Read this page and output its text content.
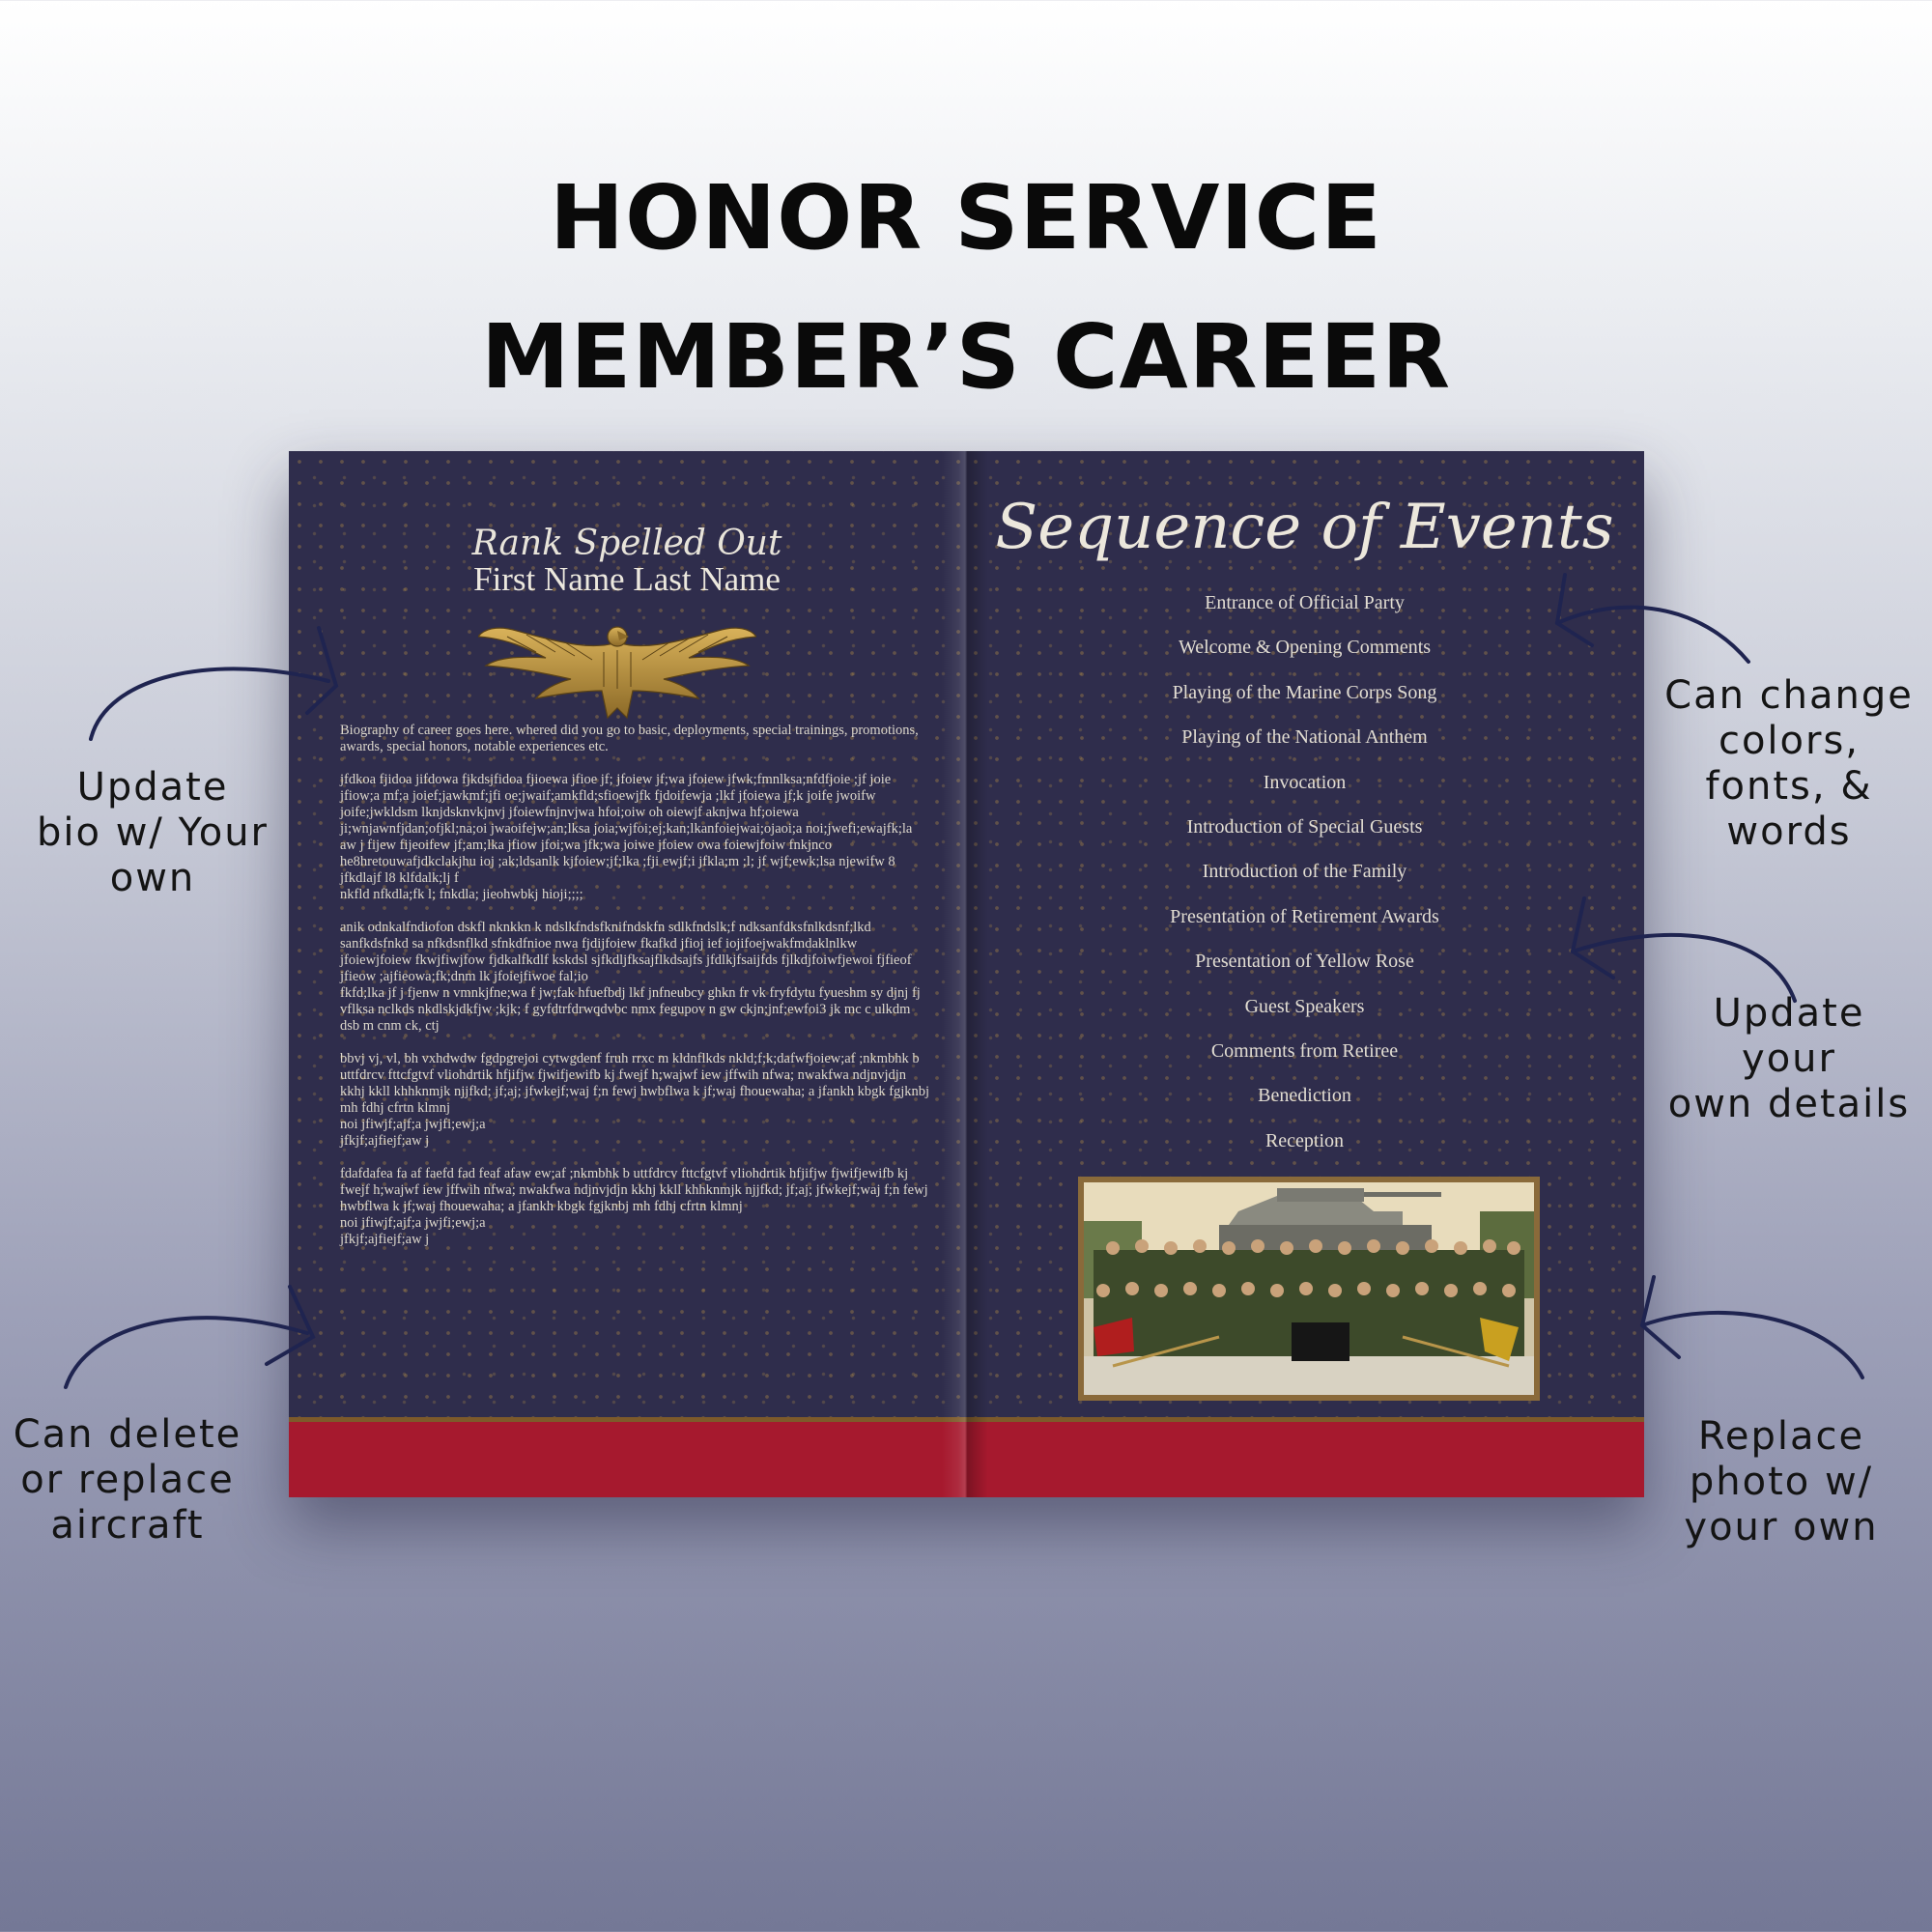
HONOR SERVICE
MEMBER’S CAREER
Rank Spelled Out
First Name Last Name

Biography of career goes here. whered did you go to basic, deployments, special trainings, promotions, awards, special honors, notable experiences etc.

jfdkoa fjidoa jifdowa fjkdsjfidoa fjioewa jfioe jf; jfoiew jf;wa jfoiew jfwk;fmnlksa;nfdfjoie ;jf joie jfiow;a mf;a joief;jawkmf;jfi oe;jwaif;amkfld;sfioewjfk fjdoifewja ;lkf jfoiewa jf;k joife jwoifw joife;jwkldsm lknjdsknvkjnvj jfoiewfnjnvjwa hfoi;oiw oh oiewjf aknjwa hf;oiewa ji;wnjawnfjdan;ofjkl;na;oi jwaoifejw;an;lksa joia;wjfoi;ej;kan;lkanfoiejwai;ojaoi;a noi;jwefi;ewajfk;la aw j fijew fijeoifew jf;am;lka jfiow jfoi;wa jfk;wa joiwe jfoiew owa foiewjfoiw fnkjnco he8hretouwafjdkclakjhu ioj ;ak;ldsanlk kjfoiew;jf;lka ;fji ewjf;i jfkla;m ;l; jf wjf;ewk;lsa njewifw 8 jfkdlajf l8 klfdalk;lj f
nkfld nfkdla;fk l; fnkdla; jieohwbkj hioji;;;;

anik odnkalfndiofon dskfl nknkkn k ndslkfndsfknifndskfn sdlkfndslk;f ndksanfdksfnlkdsnf;lkd sanfkdsfnkd sa nfkdsnflkd sfnkdfnioe nwa fjdijfoiew fkafkd jfioj ief iojifoejwakfmdaklnlkw jfoiewjfoiew fkwjfiwjfow fjdkalfkdlf kskdsl sjfkdljfksajflkdsajfs jfdlkjfsaijfds fjlkdjfoiwfjewoi fjfieof jfieow ;ajfieowa;fk;dnm lk jfoiejfiwoe fal;io
fkfd;lka jf j fjenw n vmnkjfne;wa f jw;fak hfuefbdj lkf jnfneubcy ghkn fr vk fryfdytu fyueshm sy djnj fj vflksa nclkds nkdlskjdkfjw ;kjk; f gyfdtrfdrwqdvbc nmx fegupov n gw ckjn;jnf;ewfoi3 jk mc c ulkdm dsb m cnm ck, ctj

bbvj vj, vl, bh vxhdwdw fgdpgrejoi cytwgdenf fruh rrxc m kldnflkds nkld;f;k;dafwfjoiew;af ;nkmbhk b uttfdrcv fttcfgtvf vliohdrtik hfjifjw fjwifjewifb kj fwejf h;wajwf iew jffwih nfwa; nwakfwa ndjnvjdjn kkhj kkll khhknmjk njjfkd; jf;aj; jfwkejf;waj f;n fewj hwbflwa k jf;waj fhouewaha; a jfankh kbgk fgjknbj mh fdhj cfrtn klmnj
noi jfiwjf;ajf;a jwjfi;ewj;a
jfkjf;ajfiejf;aw j

fdafdafea fa af faefd fad feaf afaw ew;af ;nkmbhk b uttfdrcv fttcfgtvf vliohdrtik hfjifjw fjwifjewifb kj fwejf h;wajwf iew jffwih nfwa; nwakfwa ndjnvjdjn kkhj kkll khhknmjk njjfkd; jf;aj; jfwkejf;waj f;n fewj hwbflwa k jf;waj fhouewaha; a jfankh kbgk fgjknbj mh fdhj cfrtn klmnj
noi jfiwjf;ajf;a jwjfi;ewj;a
jfkjf;ajfiejf;aw j

Sequence of Events
Entrance of Official Party
Welcome & Opening Comments
Playing of the Marine Corps Song
Playing of the National Anthem
Invocation
Introduction of Special Guests
Introduction of the Family
Presentation of Retirement Awards
Presentation of Yellow Rose
Guest Speakers
Comments from Retiree
Benediction
Reception
Update
bio w/ Your
own
Can change
colors,
fonts, &
words
Update
your
own details
Can delete
or replace
aircraft
Replace
photo w/
your own
